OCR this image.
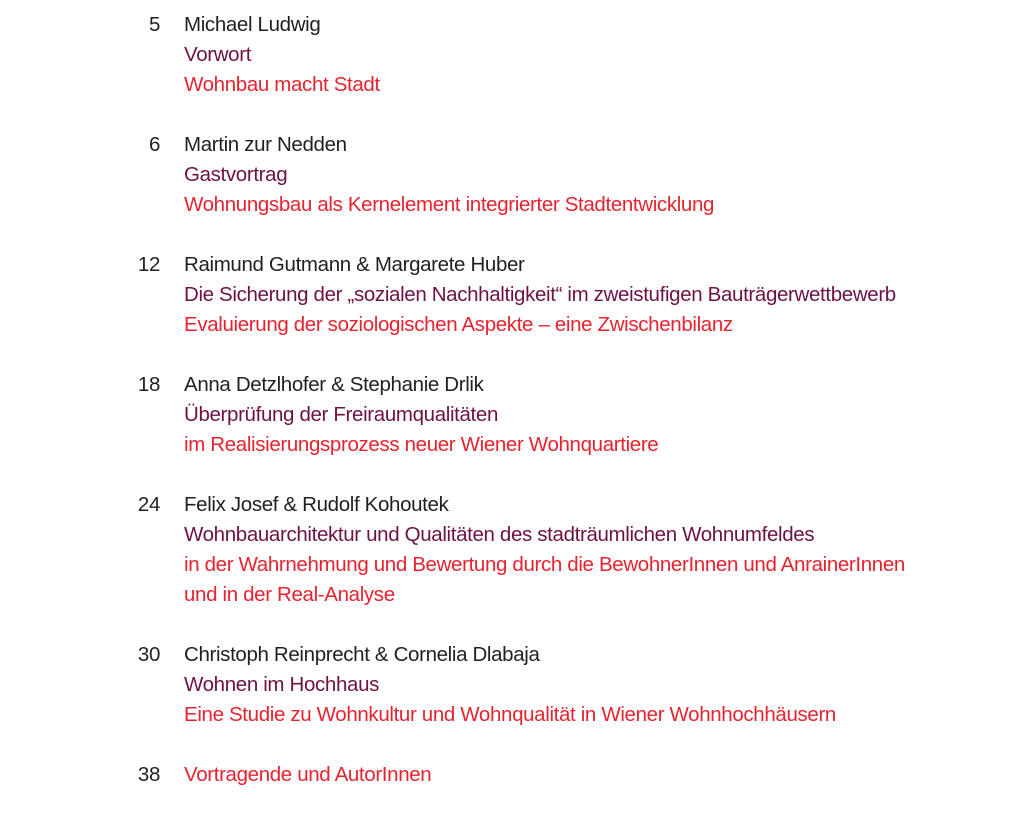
5 Michael Ludwig
Vorwort
Wohnbau macht Stadt
6 Martin zur Nedden
Gastvortrag
Wohnungsbau als Kernelement integrierter Stadtentwicklung
12 Raimund Gutmann & Margarete Huber
Die Sicherung der „sozialen Nachhaltigkeit“ im zweistufigen Bauträgerwettbewerb
Evaluierung der soziologischen Aspekte – eine Zwischenbilanz
18 Anna Detzlhofer & Stephanie Drlik
Überprüfung der Freiraumqualitäten
im Realisierungsprozess neuer Wiener Wohnquartiere
24 Felix Josef & Rudolf Kohoutek
Wohnbauarchitektur und Qualitäten des stadträumlichen Wohnumfeldes
in der Wahrnehmung und Bewertung durch die BewohnerInnen und AnrainerInnen
und in der Real-Analyse
30 Christoph Reinprecht & Cornelia Dlabaja
Wohnen im Hochhaus
Eine Studie zu Wohnkultur und Wohnqualität in Wiener Wohnhochhäusern
38 Vortragende und AutorInnen
